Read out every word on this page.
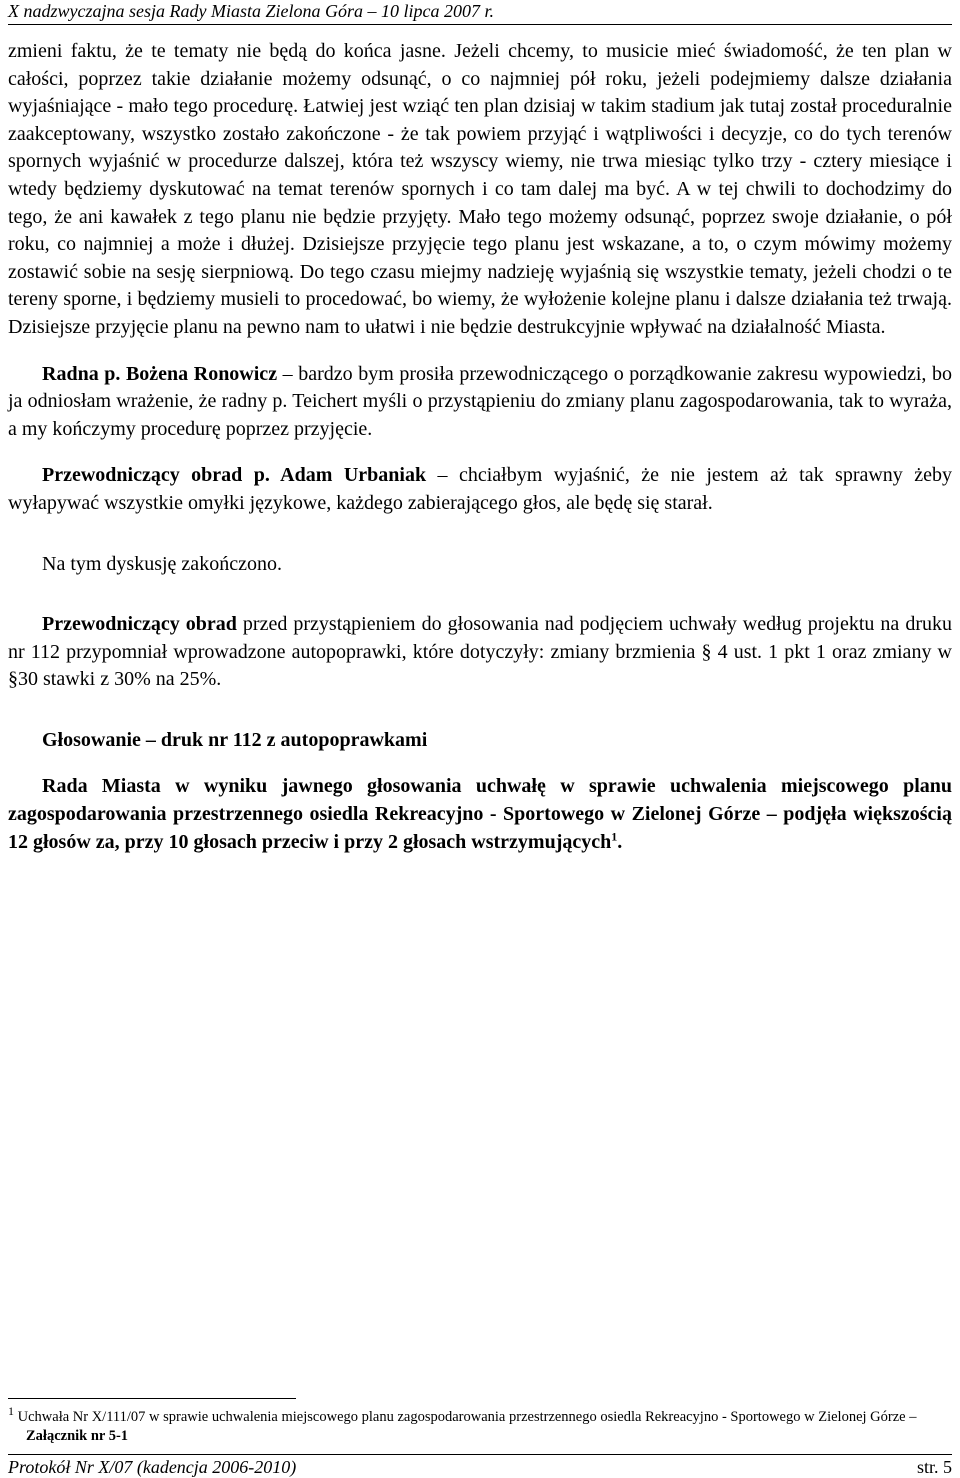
X nadzwyczajna sesja Rady Miasta Zielona Góra – 10 lipca 2007 r.

zmieni faktu, że te tematy nie będą do końca jasne. Jeżeli chcemy, to musicie mieć świadomość, że ten plan w całości, poprzez takie działanie możemy odsunąć, o co najmniej pół roku, jeżeli podejmiemy dalsze działania wyjaśniające - mało tego procedurę. Łatwiej jest wziąć ten plan dzisiaj w takim stadium jak tutaj został proceduralnie zaakceptowany, wszystko zostało zakończone - że tak powiem przyjąć i wątpliwości i decyzje, co do tych terenów spornych wyjaśnić w procedurze dalszej, która też wszyscy wiemy, nie trwa miesiąc tylko trzy - cztery miesiące i wtedy będziemy dyskutować na temat terenów spornych i co tam dalej ma być. A w tej chwili to dochodzimy do tego, że ani kawałek z tego planu nie będzie przyjęty. Mało tego możemy odsunąć, poprzez swoje działanie, o pół roku, co najmniej a może i dłużej. Dzisiejsze przyjęcie tego planu jest wskazane, a to, o czym mówimy możemy zostawić sobie na sesję sierpniową. Do tego czasu miejmy nadzieję wyjaśnią się wszystkie tematy, jeżeli chodzi o te tereny sporne, i będziemy musieli to procedować, bo wiemy, że wyłożenie kolejne planu i dalsze działania też trwają. Dzisiejsze przyjęcie planu na pewno nam to ułatwi i nie będzie destrukcyjnie wpływać na działalność Miasta.

Radna p. Bożena Ronowicz – bardzo bym prosiła przewodniczącego o porządkowanie zakresu wypowiedzi, bo ja odniosłam wrażenie, że radny p. Teichert myśli o przystąpieniu do zmiany planu zagospodarowania, tak to wyraża, a my kończymy procedurę poprzez przyjęcie.

Przewodniczący obrad p. Adam Urbaniak – chciałbym wyjaśnić, że nie jestem aż tak sprawny żeby wyłapywać wszystkie omyłki językowe, każdego zabierającego głos, ale będę się starał.

Na tym dyskusję zakończono.

Przewodniczący obrad przed przystąpieniem do głosowania nad podjęciem uchwały według projektu na druku nr 112 przypomniał wprowadzone autopoprawki, które dotyczyły: zmiany brzmienia § 4 ust. 1 pkt 1 oraz zmiany w §30 stawki z 30% na 25%.

Głosowanie – druk nr 112 z autopoprawkami

Rada Miasta w wyniku jawnego głosowania uchwałę w sprawie uchwalenia miejscowego planu zagospodarowania przestrzennego osiedla Rekreacyjno - Sportowego w Zielonej Górze – podjęła większością 12 głosów za, przy 10 głosach przeciw i przy 2 głosach wstrzymujących$^1$.

$^1$ Uchwała Nr X/111/07 w sprawie uchwalenia miejscowego planu zagospodarowania przestrzennego osiedla Rekreacyjno - Sportowego w Zielonej Górze – Załącznik nr 5-1

Protokół Nr X/07 (kadencja 2006-2010)	str. 5
